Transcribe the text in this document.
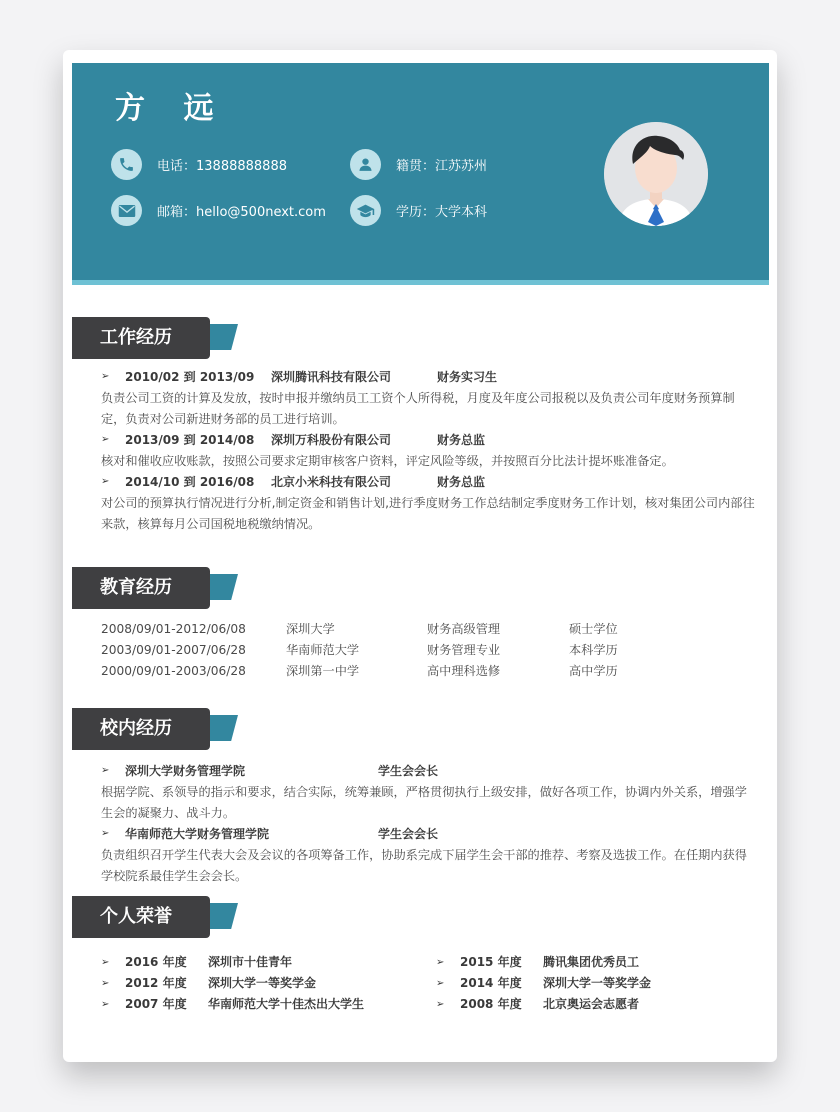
方 远
电话：13888888888	籍贯：江苏苏州
邮箱：hello@500next.com	学历：大学本科
工作经历
➢ 2010/02 到 2013/09 深圳腾讯科技有限公司	财务实习生
负责公司工资的计算及发放，按时申报并缴纳员工工资个人所得税，月度及年度公司报税以及负责公司年度财务预算制定，负责对公司新进财务部的员工进行培训。
➢ 2013/09 到 2014/08 深圳万科股份有限公司	财务总监
核对和催收应收账款，按照公司要求定期审核客户资料，评定风险等级，并按照百分比法计提坏账准备定。
➢ 2014/10 到 2016/08 北京小米科技有限公司	财务总监
对公司的预算执行情况进行分析,制定资金和销售计划,进行季度财务工作总结制定季度财务工作计划，核对集团公司内部往来款，核算每月公司国税地税缴纳情况。
教育经历
2008/09/01-2012/06/08	深圳大学	财务高级管理	硕士学位
2003/09/01-2007/06/28	华南师范大学	财务管理专业	本科学历
2000/09/01-2003/06/28	深圳第一中学	高中理科选修	高中学历
校内经历
➢ 深圳大学财务管理学院	学生会会长
根据学院、系领导的指示和要求，结合实际，统筹兼顾，严格贯彻执行上级安排，做好各项工作，协调内外关系，增强学生会的凝聚力、战斗力。
➢ 华南师范大学财务管理学院	学生会会长
负责组织召开学生代表大会及会议的各项筹备工作，协助系完成下届学生会干部的推荐、考察及选拔工作。在任期内获得学校院系最佳学生会会长。
个人荣誉
➢ 2016 年度 深圳市十佳青年
➢ 2012 年度 深圳大学一等奖学金
➢ 2007 年度 华南师范大学十佳杰出大学生
➢ 2015 年度 腾讯集团优秀员工
➢ 2014 年度 深圳大学一等奖学金
➢ 2008 年度 北京奥运会志愿者
